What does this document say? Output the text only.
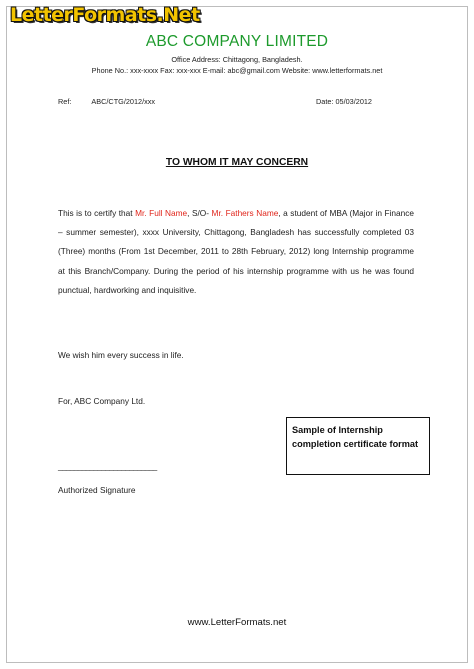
LetterFormats.Net
ABC COMPANY LIMITED
Office Address: Chittagong, Bangladesh.
Phone No.: xxx-xxxx Fax: xxx-xxx E-mail: abc@gmail.com Website: www.letterformats.net
Ref:	ABC/CTG/2012/xxx	Date: 05/03/2012
TO WHOM IT MAY CONCERN
This is to certify that Mr. Full Name, S/O- Mr. Fathers Name, a student of MBA (Major in Finance – summer semester), xxxx University, Chittagong, Bangladesh has successfully completed 03 (Three) months (From 1st December, 2011 to 28th February, 2012) long Internship programme at this Branch/Company. During the period of his internship programme with us he was found punctual, hardworking and inquisitive.
We wish him every success in life.
For, ABC Company Ltd.
Sample of Internship completion certificate format
_________________________
Authorized Signature
www.LetterFormats.net
